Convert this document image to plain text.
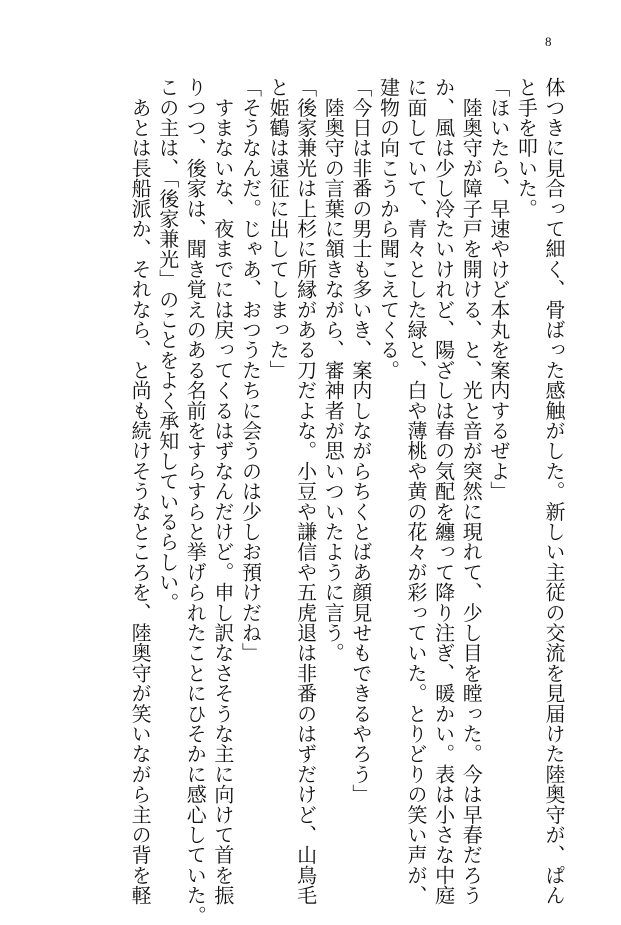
8

体つきに見合って細く、骨ばった感触がした。新しい主従の交流を見届けた陸奥守が、ぱん

と手を叩いた。

「ほいたら、早速やけど本丸を案内するぜよ」

　陸奥守が障子戸を開ける、と、光と音が突然に現れて、少し目を瞠った。今は早春だろう

か、風は少し冷たいけれど、陽ざしは春の気配を纏って降り注ぎ、暖かい。表は小さな中庭

に面していて、青々とした緑と、白や薄桃や黄の花々が彩っていた。とりどりの笑い声が、

建物の向こうから聞こえてくる。

「今日は非番の男士も多いき、案内しながらちくとばあ顔見せもできるやろう」

　陸奥守の言葉に頷きながら、審神者が思いついたように言う。

「後家兼光は上杉に所縁がある刀だよな。小豆や謙信や五虎退は非番のはずだけど、山鳥毛

と姫鶴は遠征に出してしまった」

「そうなんだ。じゃあ、おつうたちに会うのは少しお預けだね」

　すまないな、夜までには戻ってくるはずなんだけど。申し訳なさそうな主に向けて首を振

りつつ、後家は、聞き覚えのある名前をすらすらと挙げられたことにひそかに感心していた。

この主は、「後家兼光」のことをよく承知しているらしい。

　あとは長船派か、それなら、と尚も続けそうなところを、陸奥守が笑いながら主の背を軽
